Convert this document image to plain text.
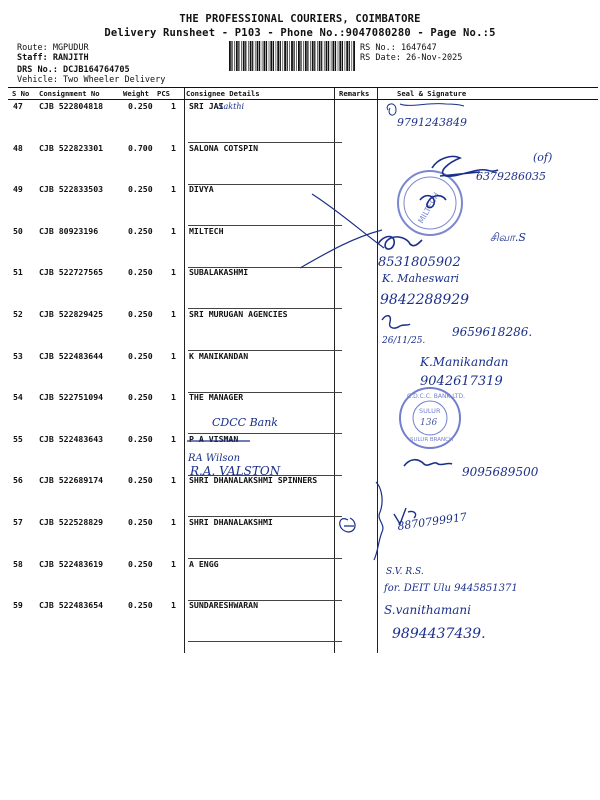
THE PROFESSIONAL COURIERS, COIMBATORE
Delivery Runsheet - P103 - Phone No.:9047080280 - Page No.:5
Route: MGPUDUR
Staff: RANJITH
DRS No.: DCJB164764705
Vehicle: Two Wheeler Delivery
RS No.: 1647647
RS Date: 26-Nov-2025
S No Consignment No	Weight PCS Consignee Details	Remarks	Seal & Signature
47 CJB 522804818	0.250 1 SRI JAI
48 CJB 522823301	0.700 1 SALONA COTSPIN
49 CJB 522833503	0.250 1 DIVYA
50 CJB 80923196	0.250 1 MILTECH
51 CJB 522727565	0.250 1 SUBALAKASHMI
52 CJB 522829425	0.250 1 SRI MURUGAN AGENCIES
53 CJB 522483644	0.250 1 K MANIKANDAN
54 CJB 522751094	0.250 1 THE MANAGER
55 CJB 522483643	0.250 1 P A VISMAN
56 CJB 522689174	0.250 1 SHRI DHANALAKSHMI SPINNERS
57 CJB 522528829	0.250 1 SHRI DHANALAKSHMI
58 CJB 522483619	0.250 1 A ENGG
59 CJB 522483654	0.250 1 SUNDARESHWARAN
MILTECH
C.D.C.C. BANK LTD.
SULUR
136
SULUR BRANCH
Sakthi
9791243849
(of)
6379286035
சிவா.S
8531805902
K. Maheswari
9842288929
26/11/25.
9659618286.
K.Manikandan
9042617319
CDCC Bank
RA Wilson
R.A. VALSTON	9095689500
8870799917
S.V. R.S.
for. DEIT Ulu 9445851371
S.vanithamani
9894437439.
